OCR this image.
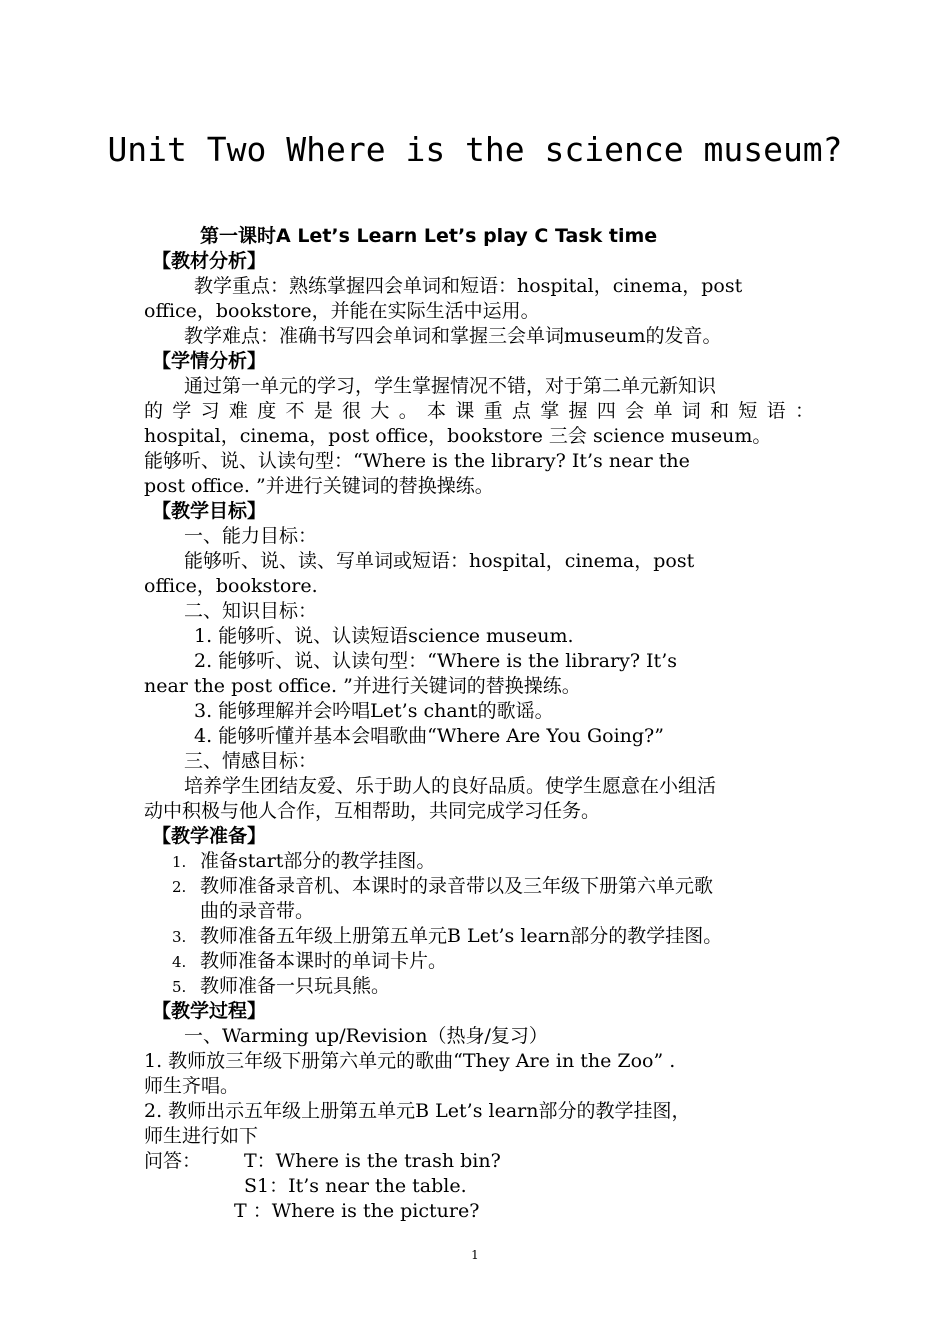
Unit Two Where is the science museum?
第一课时A Let’s Learn Let’s play C Task time
【教材分析】
教学重点：熟练掌握四会单词和短语：hospital，cinema，post
office，bookstore，并能在实际生活中运用。
教学难点：准确书写四会单词和掌握三会单词museum的发音。
【学情分析】
通过第一单元的学习，学生掌握情况不错，对于第二单元新知识
的学习难度不是很大。本课重点掌握四会单词和短语：
hospital，cinema，post office，bookstore 三会 science museum。
能够听、说、认读句型：“Where is the library? It’s near the
post office. ”并进行关键词的替换操练。
【教学目标】
一、能力目标：
能够听、说、读、写单词或短语：hospital，cinema，post
office，bookstore.
二、知识目标：
1. 能够听、说、认读短语science museum.
2. 能够听、说、认读句型：“Where is the library? It’s
near the post office. ”并进行关键词的替换操练。
3. 能够理解并会吟唱Let’s chant的歌谣。
4. 能够听懂并基本会唱歌曲“Where Are You Going?”
三、情感目标：
培养学生团结友爱、乐于助人的良好品质。使学生愿意在小组活
动中积极与他人合作，互相帮助，共同完成学习任务。
【教学准备】
1. 准备start部分的教学挂图。
2. 教师准备录音机、本课时的录音带以及三年级下册第六单元歌
曲的录音带。
3. 教师准备五年级上册第五单元B Let’s learn部分的教学挂图。
4. 教师准备本课时的单词卡片。
5. 教师准备一只玩具熊。
【教学过程】
一、Warming up/Revision（热身/复习）
1. 教师放三年级下册第六单元的歌曲“They Are in the Zoo” .
师生齐唱。
2. 教师出示五年级上册第五单元B Let’s learn部分的教学挂图，
师生进行如下
问答：	T：Where is the trash bin?
S1：It’s near the table.
T ：Where is the picture?
1
